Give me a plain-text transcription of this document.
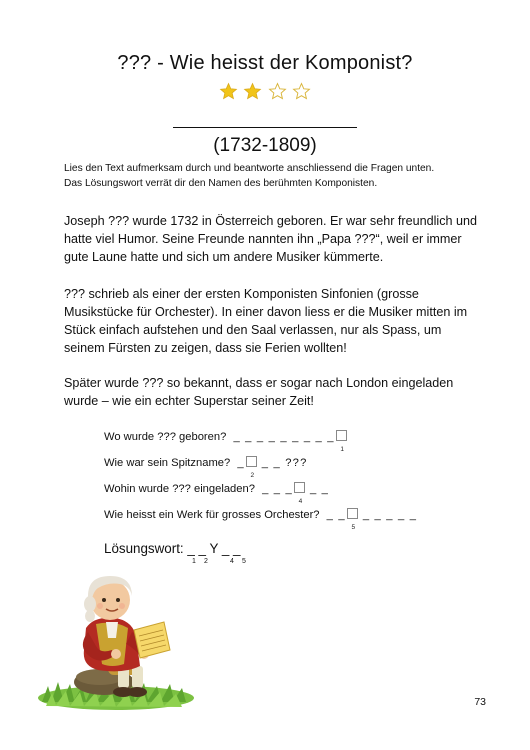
??? - Wie heisst der Komponist?

(1732-1809)
Lies den Text aufmerksam durch und beantworte anschliessend die Fragen unten.
Das Lösungswort verrät dir den Namen des berühmten Komponisten.
Joseph ??? wurde 1732 in Österreich geboren. Er war sehr freundlich und hatte viel Humor. Seine Freunde nannten ihn „Papa ???“, weil er immer gute Laune hatte und sich um andere Musiker kümmerte.
??? schrieb als einer der ersten Komponisten Sinfonien (grosse Musikstücke für Orchester). In einer davon liess er die Musiker mitten im Stück einfach aufstehen und den Saal verlassen, nur als Spass, um seinem Fürsten zu zeigen, dass sie Ferien wollten!
Später wurde ??? so bekannt, dass er sogar nach London eingeladen wurde – wie ein echter Superstar seiner Zeit!
Wo wurde ??? geboren? _ _ _ _ _ _ _ _ _
1
Wie war sein Spitzname? _
2
_ _ ???
Wohin wurde ??? eingeladen? _ _ _
4
_ _
Wie heisst ein Werk für grosses Orchester? _ _
5
_ _ _ _ _
Lösungswort: _ _ Y _ _
1 2	4 5
73
